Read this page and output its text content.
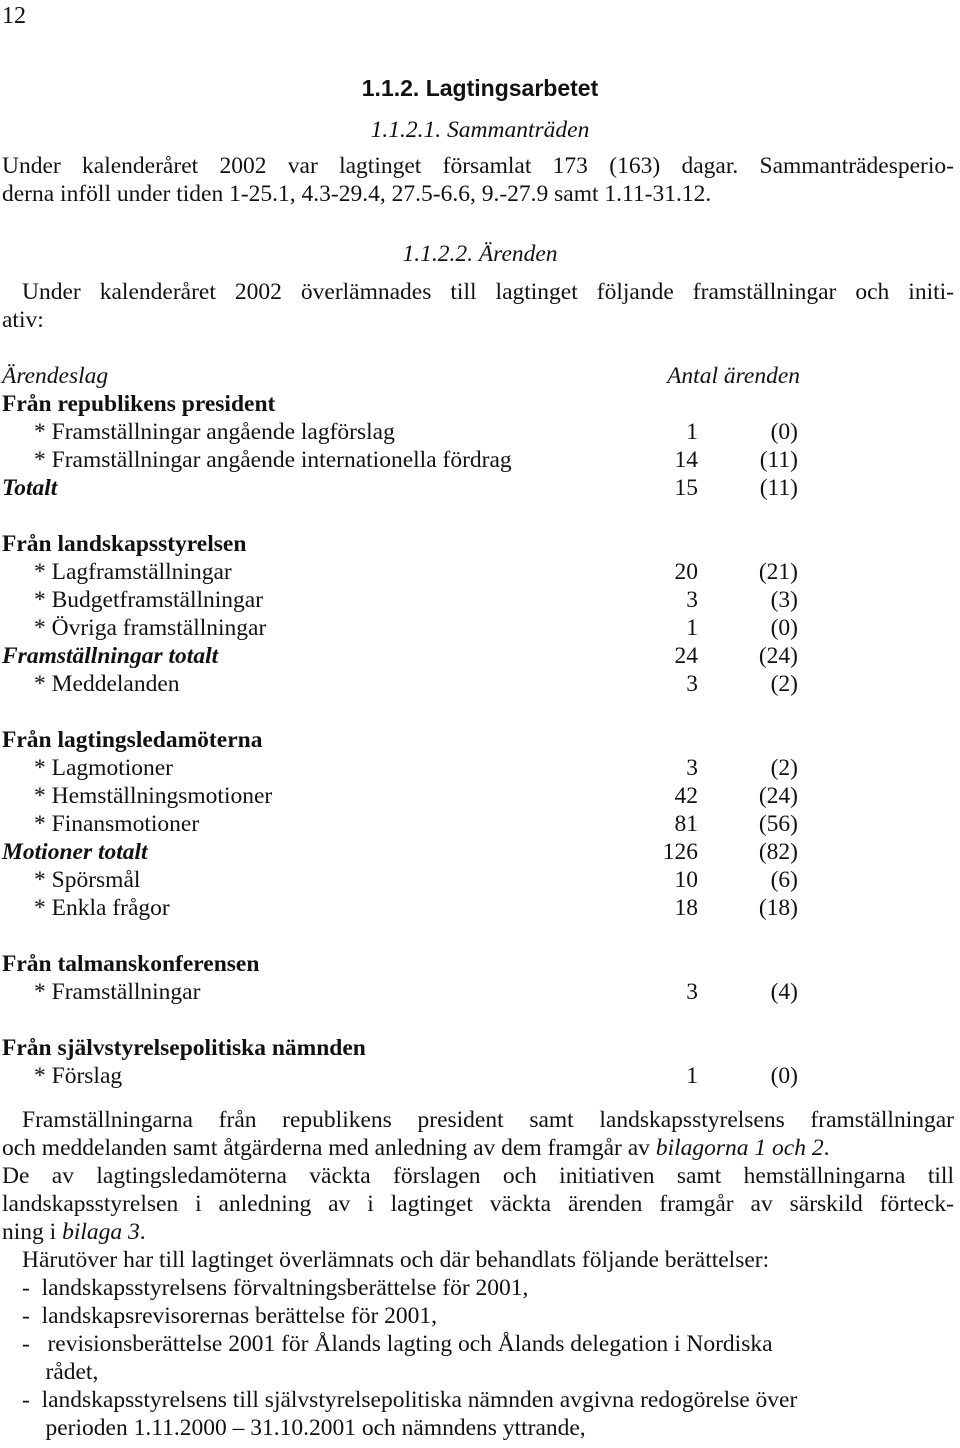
12
1.1.2. Lagtingsarbetet
1.1.2.1. Sammanträden
Under kalenderåret 2002 var lagtinget församlat 173 (163) dagar. Sammanträdesperio-
derna inföll under tiden 1-25.1, 4.3-29.4, 27.5-6.6, 9.-27.9 samt 1.11-31.12.
1.1.2.2. Ärenden
Under kalenderåret 2002 överlämnades till lagtinget följande framställningar och initi-
ativ:
Ärendeslag	Antal ärenden
Från republikens president
* Framställningar angående lagförslag	1	(0)
* Framställningar angående internationella fördrag	14	(11)
Totalt	15	(11)
Från landskapsstyrelsen
* Lagframställningar	20	(21)
* Budgetframställningar	3	(3)
* Övriga framställningar	1	(0)
Framställningar totalt	24	(24)
* Meddelanden	3	(2)
Från lagtingsledamöterna
* Lagmotioner	3	(2)
* Hemställningsmotioner	42	(24)
* Finansmotioner	81	(56)
Motioner totalt	126	(82)
* Spörsmål	10	(6)
* Enkla frågor	18	(18)
Från talmanskonferensen
* Framställningar	3	(4)
Från självstyrelsepolitiska nämnden
* Förslag	1	(0)
Framställningarna från republikens president samt landskapsstyrelsens framställningar
och meddelanden samt åtgärderna med anledning av dem framgår av bilagorna 1 och 2.
De av lagtingsledamöterna väckta förslagen och initiativen samt hemställningarna till
landskapsstyrelsen i anledning av i lagtinget väckta ärenden framgår av särskild förteck-
ning i bilaga 3.
Härutöver har till lagtinget överlämnats och där behandlats följande berättelser:
-  landskapsstyrelsens förvaltningsberättelse för 2001,
-  landskapsrevisorernas berättelse för 2001,
-   revisionsberättelse 2001 för Ålands lagting och Ålands delegation i Nordiska
rådet,
-  landskapsstyrelsens till självstyrelsepolitiska nämnden avgivna redogörelse över
perioden 1.11.2000 – 31.10.2001 och nämndens yttrande,
